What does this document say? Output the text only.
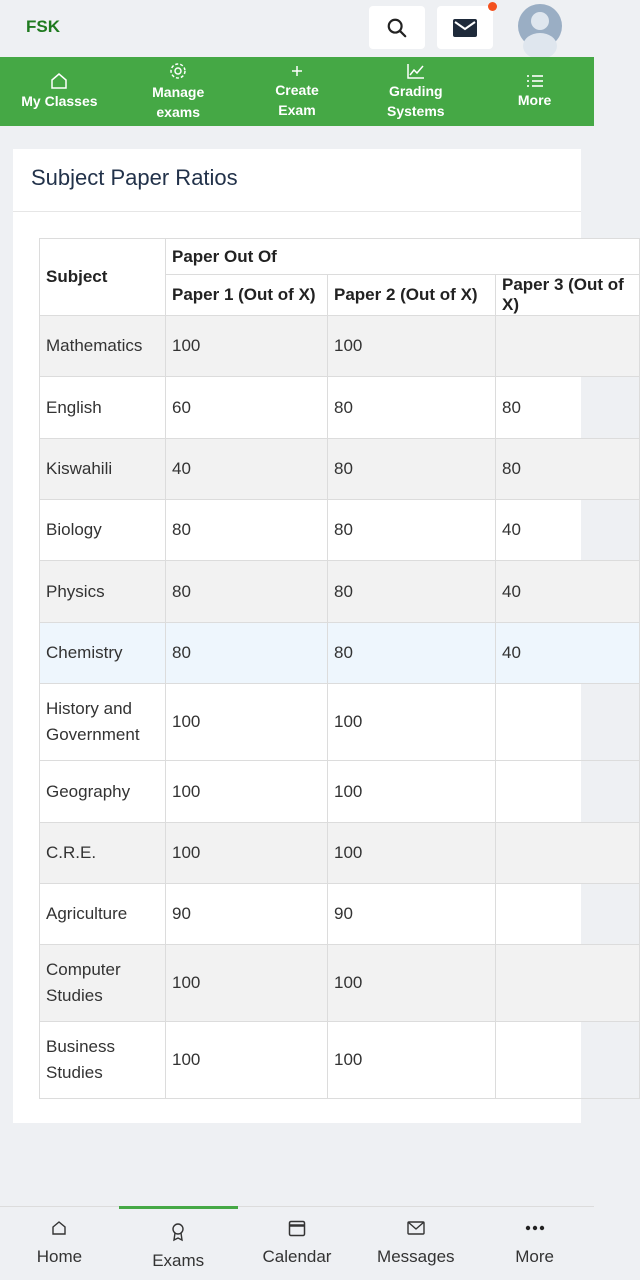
FSK
My Classes
Manage exams
Create Exam
Grading Systems
More
Subject Paper Ratios
Subject	Paper Out Of		
	Paper 1 (Out of X)	Paper 2 (Out of X)	Paper 3 (Out of X)
Mathematics	100	100	
English	60	80	80
Kiswahili	40	80	80
Biology	80	80	40
Physics	80	80	40
Chemistry	80	80	40
History and Government	100	100	
Geography	100	100	
C.R.E.	100	100	
Agriculture	90	90	
Computer Studies	100	100	
Business Studies	100	100	
Home	Exams	Calendar	Messages	More
